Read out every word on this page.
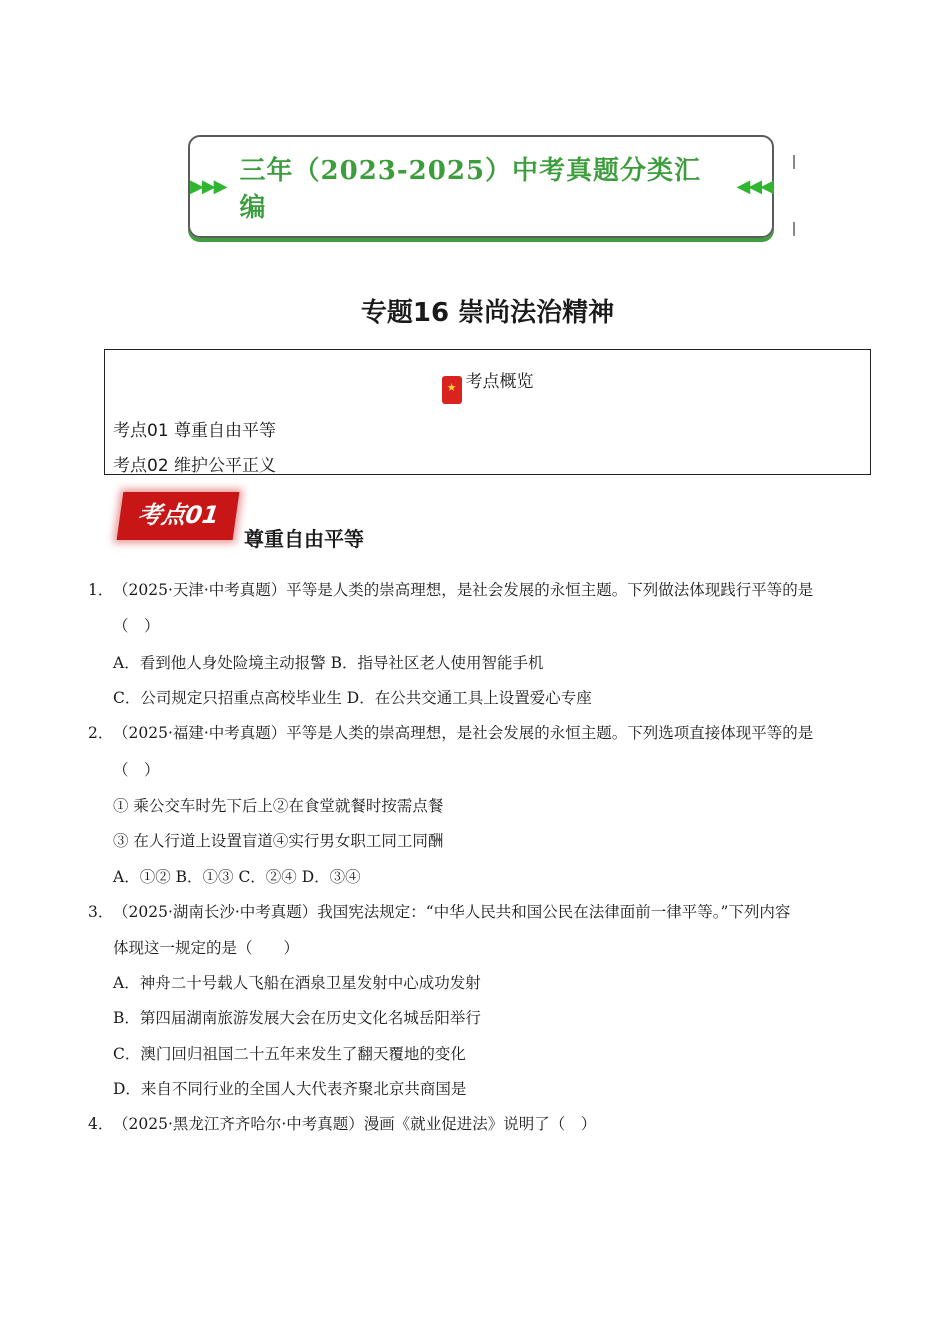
▶▶▶
三年（2023-2025）中考真题分类汇编
◀◀◀
专题16 崇尚法治精神
★ 考点概览
考点01 尊重自由平等
考点02 维护公平正义
考点01
尊重自由平等
1． （2025·天津·中考真题）平等是人类的崇高理想，是社会发展的永恒主题。下列做法体现践行平等的是
（　）
A．看到他人身处险境主动报警 B．指导社区老人使用智能手机
C．公司规定只招重点高校毕业生 D．在公共交通工具上设置爱心专座
2． （2025·福建·中考真题）平等是人类的崇高理想，是社会发展的永恒主题。下列选项直接体现平等的是
（　）
① 乘公交车时先下后上②在食堂就餐时按需点餐
③ 在人行道上设置盲道④实行男女职工同工同酬
A．①② B．①③ C．②④ D．③④
3． （2025·湖南长沙·中考真题）我国宪法规定：“中华人民共和国公民在法律面前一律平等。”下列内容
体现这一规定的是（　　）
A．神舟二十号载人飞船在酒泉卫星发射中心成功发射
B．第四届湖南旅游发展大会在历史文化名城岳阳举行
C．澳门回归祖国二十五年来发生了翻天覆地的变化
D．来自不同行业的全国人大代表齐聚北京共商国是
4． （2025·黑龙江齐齐哈尔·中考真题）漫画《就业促进法》说明了（　）
